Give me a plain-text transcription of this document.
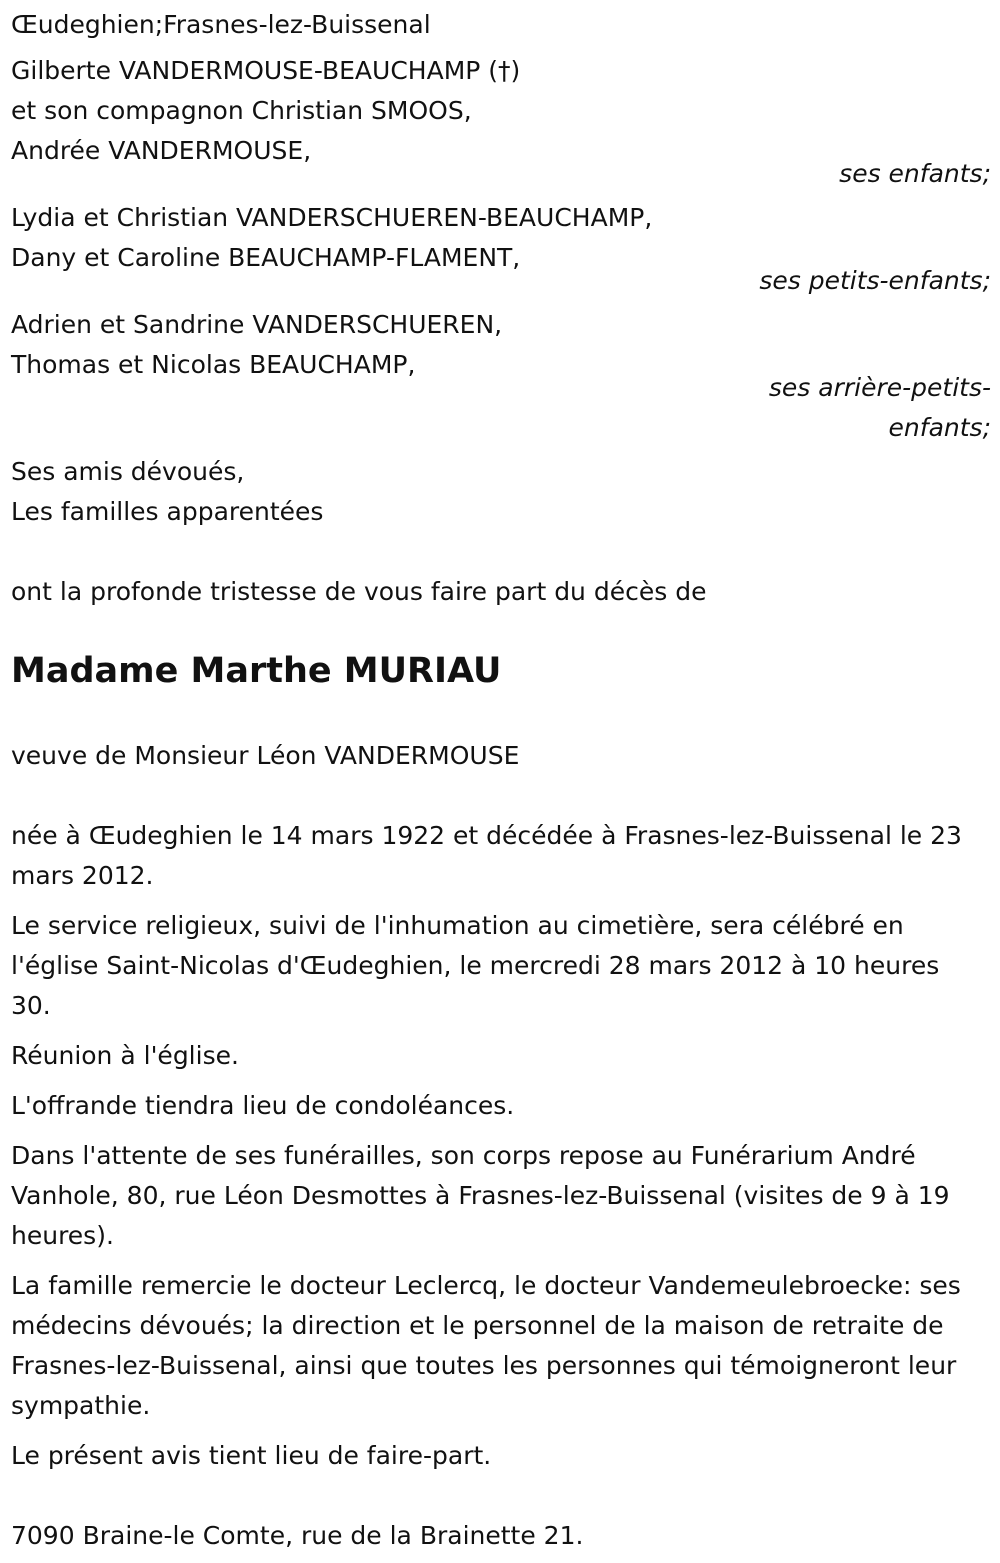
Œudeghien;Frasnes-lez-Buissenal
Gilberte VANDERMOUSE-BEAUCHAMP (†)
et son compagnon Christian SMOOS,
Andrée VANDERMOUSE,
ses enfants;
Lydia et Christian VANDERSCHUEREN-BEAUCHAMP,
Dany et Caroline BEAUCHAMP-FLAMENT,
ses petits-enfants;
Adrien et Sandrine VANDERSCHUEREN,
Thomas et Nicolas BEAUCHAMP,
ses arrière-petits-
enfants;
Ses amis dévoués,
Les familles apparentées
ont la profonde tristesse de vous faire part du décès de
Madame Marthe MURIAU
veuve de Monsieur Léon VANDERMOUSE
née à Œudeghien le 14 mars 1922 et décédée à Frasnes-lez-Buissenal le 23 mars 2012.
Le service religieux, suivi de l'inhumation au cimetière, sera célébré en l'église Saint-Nicolas d'Œudeghien, le mercredi 28 mars 2012 à 10 heures 30.
Réunion à l'église.
L'offrande tiendra lieu de condoléances.
Dans l'attente de ses funérailles, son corps repose au Funérarium André Vanhole, 80, rue Léon Desmottes à Frasnes-lez-Buissenal (visites de 9 à 19 heures).
La famille remercie le docteur Leclercq, le docteur Vandemeulebroecke: ses médecins dévoués; la direction et le personnel de la maison de retraite de Frasnes-lez-Buissenal, ainsi que toutes les personnes qui témoigneront leur sympathie.
Le présent avis tient lieu de faire-part.
7090 Braine-le Comte, rue de la Brainette 21.
